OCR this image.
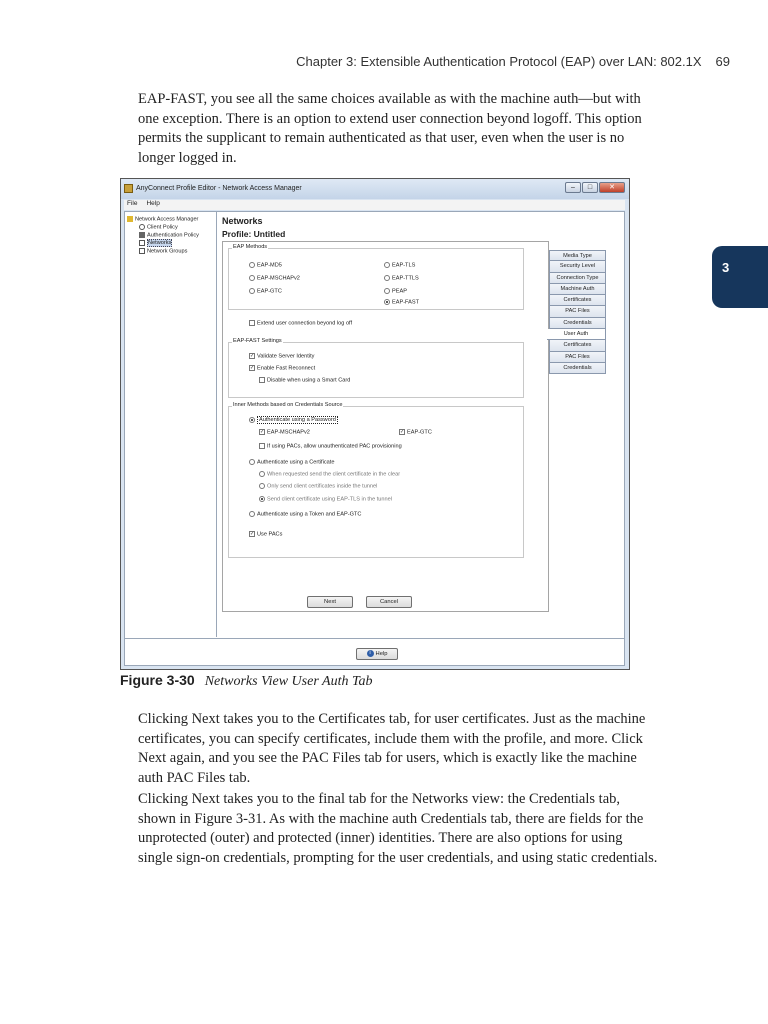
Chapter 3: Extensible Authentication Protocol (EAP) over LAN: 802.1X 69
3
EAP-FAST, you see all the same choices available as with the machine auth—but with one exception. There is an option to extend user connection beyond logoff. This option permits the supplicant to remain authenticated as that user, even when the user is no longer logged in.
AnyConnect Profile Editor - Network Access Manager	–	□	✕
File Help
Network Access Manager
Client Policy
Authentication Policy
Networks
Network Groups
Networks
Profile: Untitled
EAP Methods
EAP-MD5
EAP-MSCHAPv2
EAP-GTC
EAP-TLS
EAP-TTLS
PEAP
EAP-FAST
Extend user connection beyond log off
EAP-FAST Settings
✓ Validate Server Identity
✓ Enable Fast Reconnect
Disable when using a Smart Card
Inner Methods based on Credentials Source
Authenticate using a Password
✓ EAP-MSCHAPv2	✓ EAP-GTC
If using PACs, allow unauthenticated PAC provisioning
Authenticate using a Certificate
When requested send the client certificate in the clear
Only send client certificates inside the tunnel
Send client certificate using EAP-TLS in the tunnel
Authenticate using a Token and EAP-GTC
✓ Use PACs
Next	Cancel
Media Type
Security Level
Connection Type
Machine Auth
Certificates
PAC Files
Credentials
User Auth
Certificates
PAC Files
Credentials
i Help
Figure 3-30 Networks View User Auth Tab
Clicking Next takes you to the Certificates tab, for user certificates. Just as the machine certificates, you can specify certificates, include them with the profile, and more. Click Next again, and you see the PAC Files tab for users, which is exactly like the machine auth PAC Files tab.
Clicking Next takes you to the final tab for the Networks view: the Credentials tab, shown in Figure 3-31. As with the machine auth Credentials tab, there are fields for the unprotected (outer) and protected (inner) identities. There are also options for using single sign-on credentials, prompting for the user credentials, and using static credentials.
